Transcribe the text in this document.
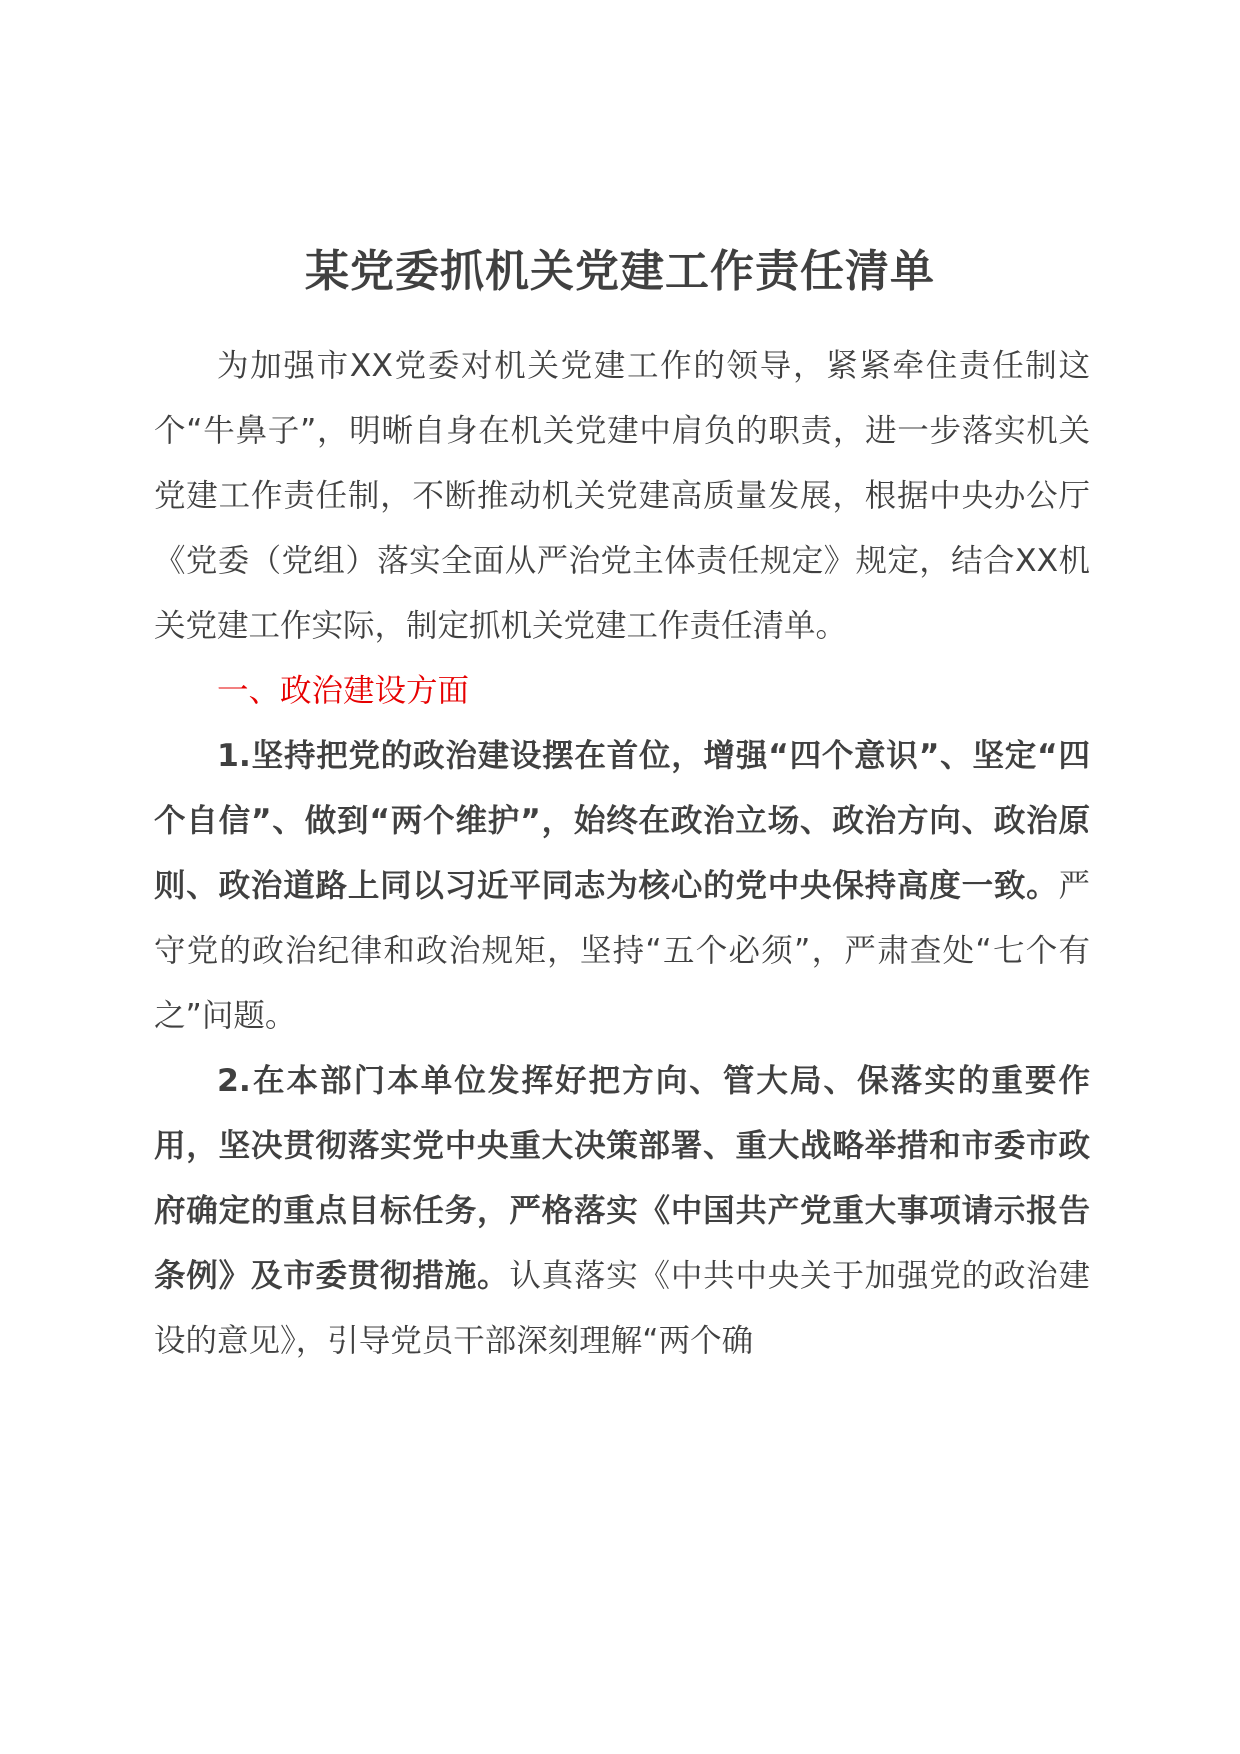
某党委抓机关党建工作责任清单

为加强市XX党委对机关党建工作的领导，紧紧牵住责任制这个“牛鼻子”，明晰自身在机关党建中肩负的职责，进一步落实机关党建工作责任制，不断推动机关党建高质量发展，根据中央办公厅《党委（党组）落实全面从严治党主体责任规定》规定，结合XX机关党建工作实际，制定抓机关党建工作责任清单。

一、政治建设方面

1.坚持把党的政治建设摆在首位，增强“四个意识”、坚定“四个自信”、做到“两个维护”，始终在政治立场、政治方向、政治原则、政治道路上同以习近平同志为核心的党中央保持高度一致。严守党的政治纪律和政治规矩，坚持“五个必须”，严肃查处“七个有之”问题。

2.在本部门本单位发挥好把方向、管大局、保落实的重要作用，坚决贯彻落实党中央重大决策部署、重大战略举措和市委市政府确定的重点目标任务，严格落实《中国共产党重大事项请示报告条例》及市委贯彻措施。认真落实《中共中央关于加强党的政治建设的意见》，引导党员干部深刻理解“两个确
